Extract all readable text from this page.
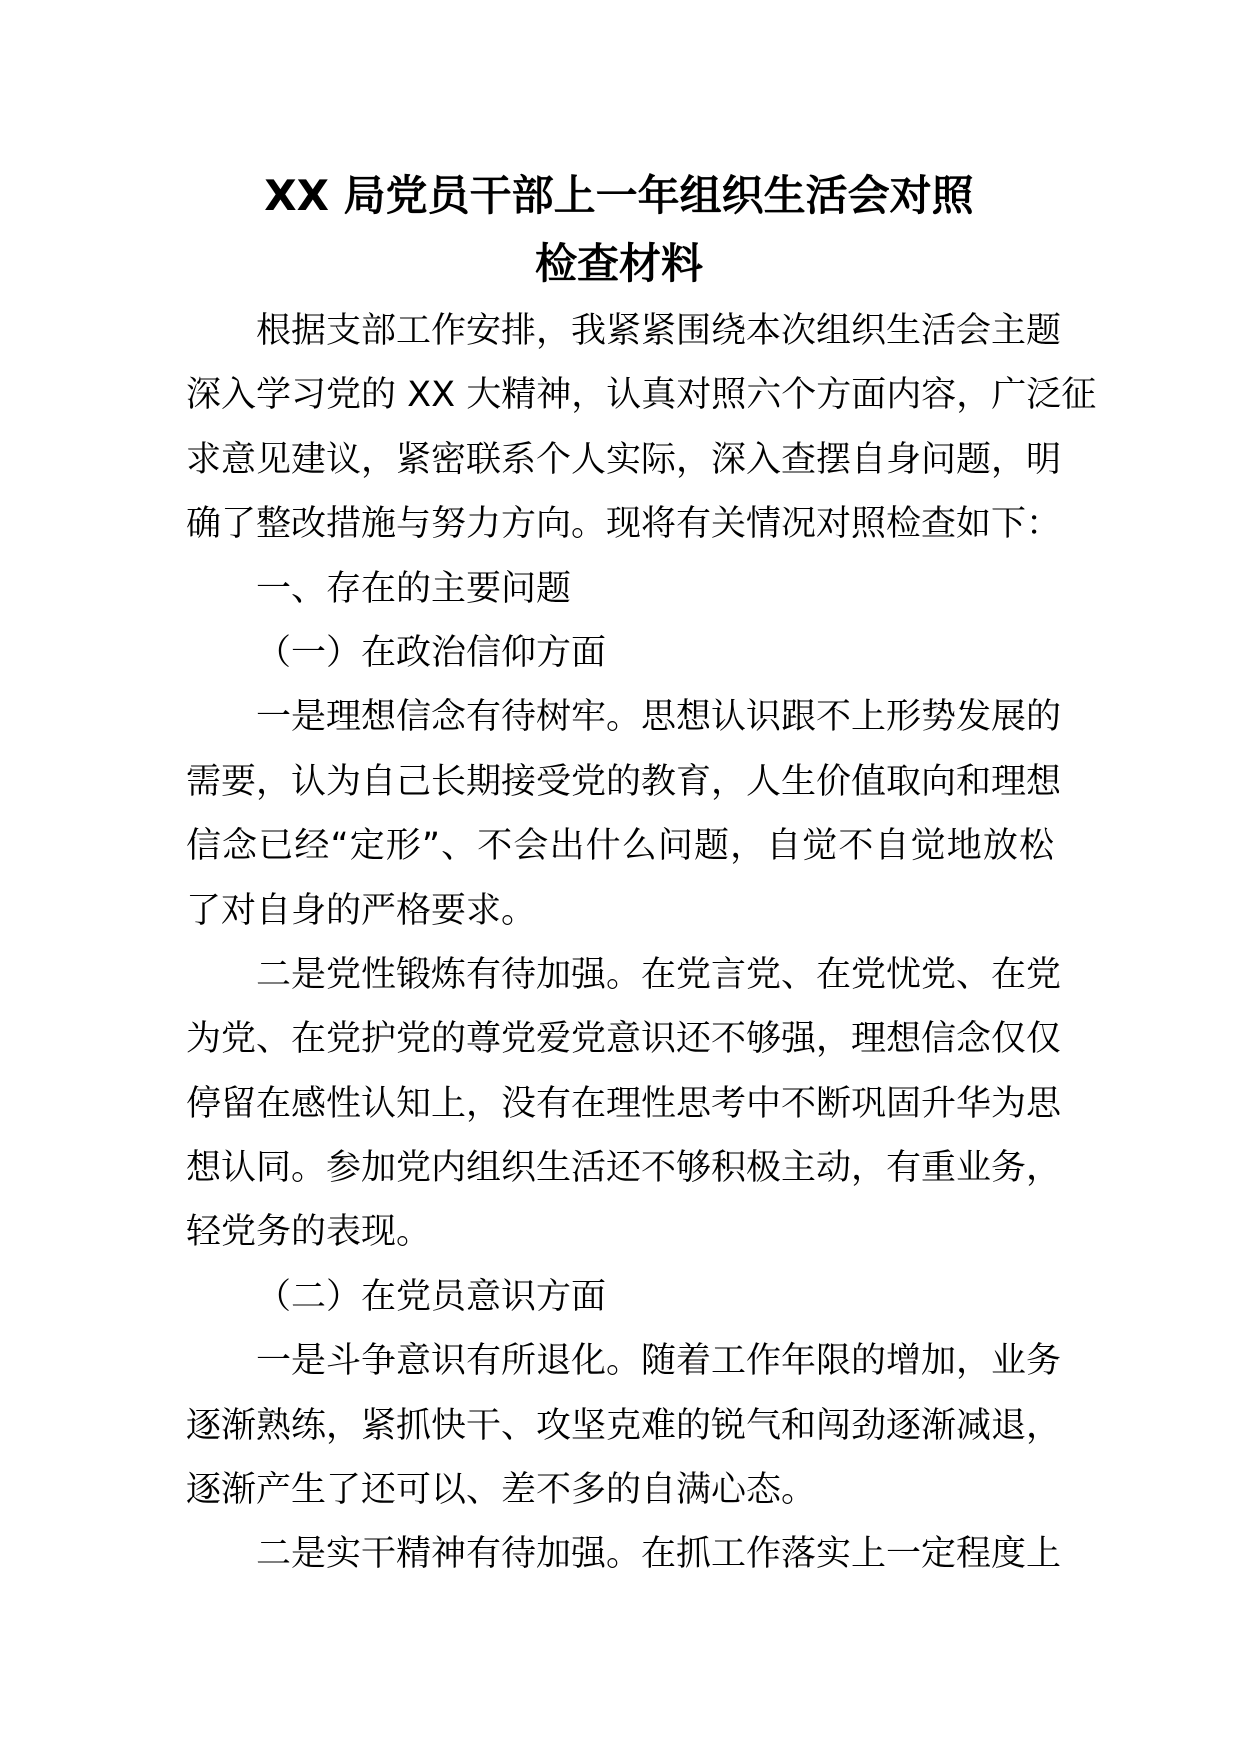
XX 局党员干部上一年组织生活会对照
检查材料
根据支部工作安排，我紧紧围绕本次组织生活会主题
深入学习党的 XX 大精神，认真对照六个方面内容，广泛征
求意见建议，紧密联系个人实际，深入查摆自身问题，明
确了整改措施与努力方向。现将有关情况对照检查如下：
一、存在的主要问题
（一）在政治信仰方面
一是理想信念有待树牢。思想认识跟不上形势发展的
需要，认为自己长期接受党的教育，人生价值取向和理想
信念已经“定形”、不会出什么问题，自觉不自觉地放松
了对自身的严格要求。
二是党性锻炼有待加强。在党言党、在党忧党、在党
为党、在党护党的尊党爱党意识还不够强，理想信念仅仅
停留在感性认知上，没有在理性思考中不断巩固升华为思
想认同。参加党内组织生活还不够积极主动，有重业务，
轻党务的表现。
（二）在党员意识方面
一是斗争意识有所退化。随着工作年限的增加，业务
逐渐熟练，紧抓快干、攻坚克难的锐气和闯劲逐渐减退，
逐渐产生了还可以、差不多的自满心态。
二是实干精神有待加强。在抓工作落实上一定程度上
